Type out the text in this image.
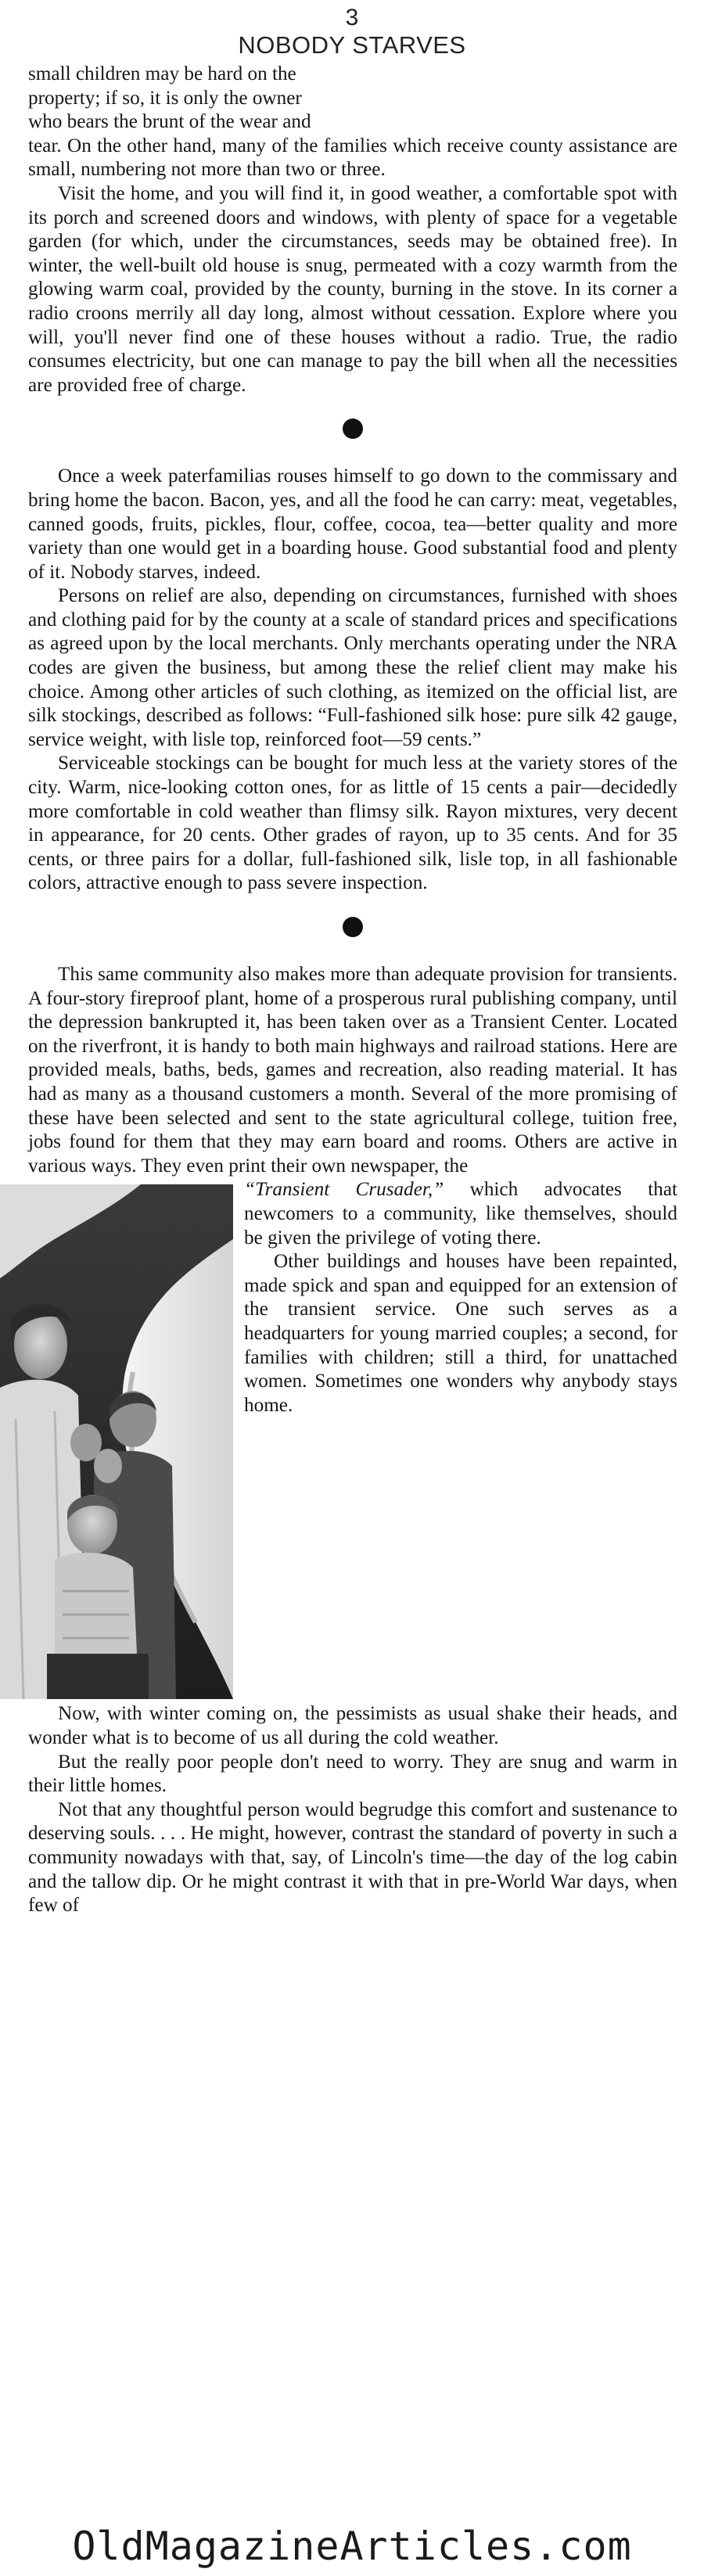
3
NOBODY STARVES

small children may be hard on the
property; if so, it is only the owner
who bears the brunt of the wear and
tear. On the other hand, many of the families which receive county assistance are small, numbering not more than two or three.

Visit the home, and you will find it, in good weather, a comfortable spot with its porch and screened doors and windows, with plenty of space for a vegetable garden (for which, under the circumstances, seeds may be obtained free). In winter, the well-built old house is snug, permeated with a cozy warmth from the glowing warm coal, provided by the county, burning in the stove. In its corner a radio croons merrily all day long, almost without cessation. Explore where you will, you'll never find one of these houses without a radio. True, the radio consumes electricity, but one can manage to pay the bill when all the necessities are provided free of charge.

Once a week paterfamilias rouses himself to go down to the commissary and bring home the bacon. Bacon, yes, and all the food he can carry: meat, vegetables, canned goods, fruits, pickles, flour, coffee, cocoa, tea—better quality and more variety than one would get in a boarding house. Good substantial food and plenty of it. Nobody starves, indeed.

Persons on relief are also, depending on circumstances, furnished with shoes and clothing paid for by the county at a scale of standard prices and specifications as agreed upon by the local merchants. Only merchants operating under the NRA codes are given the business, but among these the relief client may make his choice. Among other articles of such clothing, as itemized on the official list, are silk stockings, described as follows: “Full-fashioned silk hose: pure silk 42 gauge, service weight, with lisle top, reinforced foot—59 cents.”

Serviceable stockings can be bought for much less at the variety stores of the city. Warm, nice-looking cotton ones, for as little of 15 cents a pair—decidedly more comfortable in cold weather than flimsy silk. Rayon mixtures, very decent in appearance, for 20 cents. Other grades of rayon, up to 35 cents. And for 35 cents, or three pairs for a dollar, full-fashioned silk, lisle top, in all fashionable colors, attractive enough to pass severe inspection.

This same community also makes more than adequate provision for transients. A four-story fireproof plant, home of a prosperous rural publishing company, until the depression bankrupted it, has been taken over as a Transient Center. Located on the riverfront, it is handy to both main highways and railroad stations. Here are provided meals, baths, beds, games and recreation, also reading material. It has had as many as a thousand customers a month. Several of the more promising of these have been selected and sent to the state agricultural college, tuition free, jobs found for them that they may earn board and rooms. Others are active in various ways. They even print their own newspaper, the

“Transient Crusader,” which advocates that newcomers to a community, like themselves, should be given the privilege of voting there.

Other buildings and houses have been repainted, made spick and span and equipped for an extension of the transient service. One such serves as a headquarters for young married couples; a second, for families with children; still a third, for unattached women. Sometimes one wonders why anybody stays home.

Now, with winter coming on, the pessimists as usual shake their heads, and wonder what is to become of us all during the cold weather.

But the really poor people don't need to worry. They are snug and warm in their little homes.

Not that any thoughtful person would begrudge this comfort and sustenance to deserving souls. . . . He might, however, contrast the standard of poverty in such a community nowadays with that, say, of Lincoln's time—the day of the log cabin and the tallow dip. Or he might contrast it with that in pre-World War days, when few of

OldMagazineArticles.com
